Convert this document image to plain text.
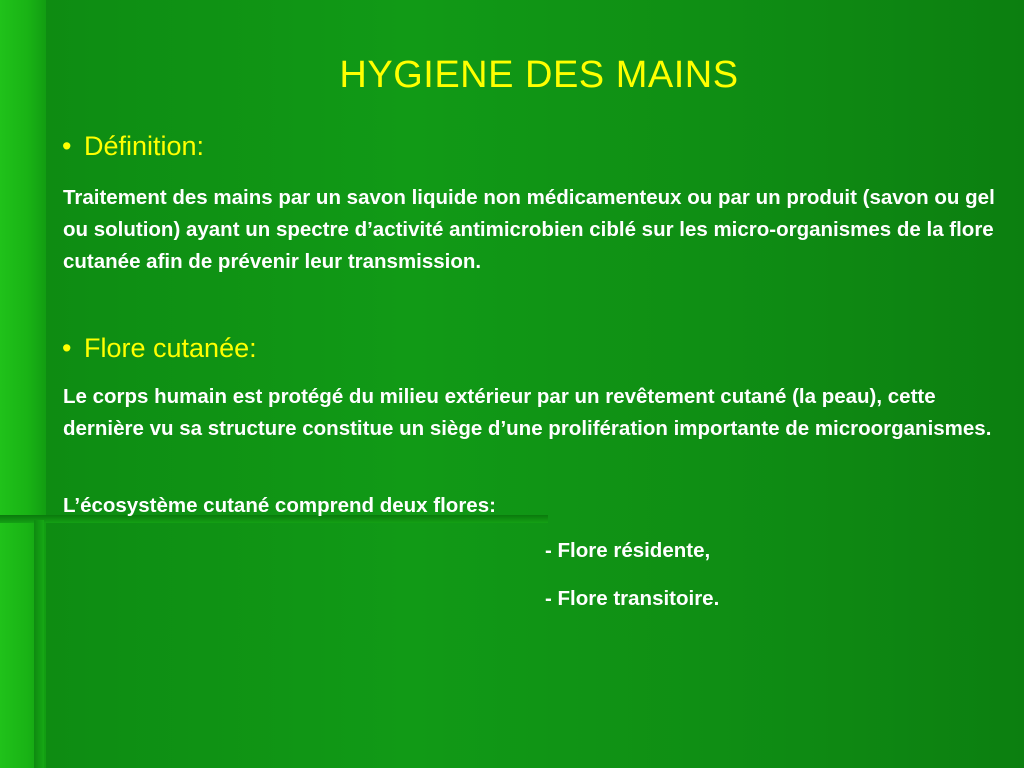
HYGIENE DES MAINS
• Définition:
Traitement des mains par un savon liquide non médicamenteux ou par un produit (savon ou gel ou solution) ayant un spectre d’activité antimicrobien ciblé sur les micro-organismes de la flore cutanée afin de prévenir leur transmission.
• Flore cutanée:
Le corps humain est protégé du milieu extérieur par un revêtement cutané (la peau), cette dernière vu sa structure constitue un siège d’une prolifération importante de microorganismes.
L’écosystème cutané comprend deux flores:
- Flore résidente,
- Flore transitoire.
